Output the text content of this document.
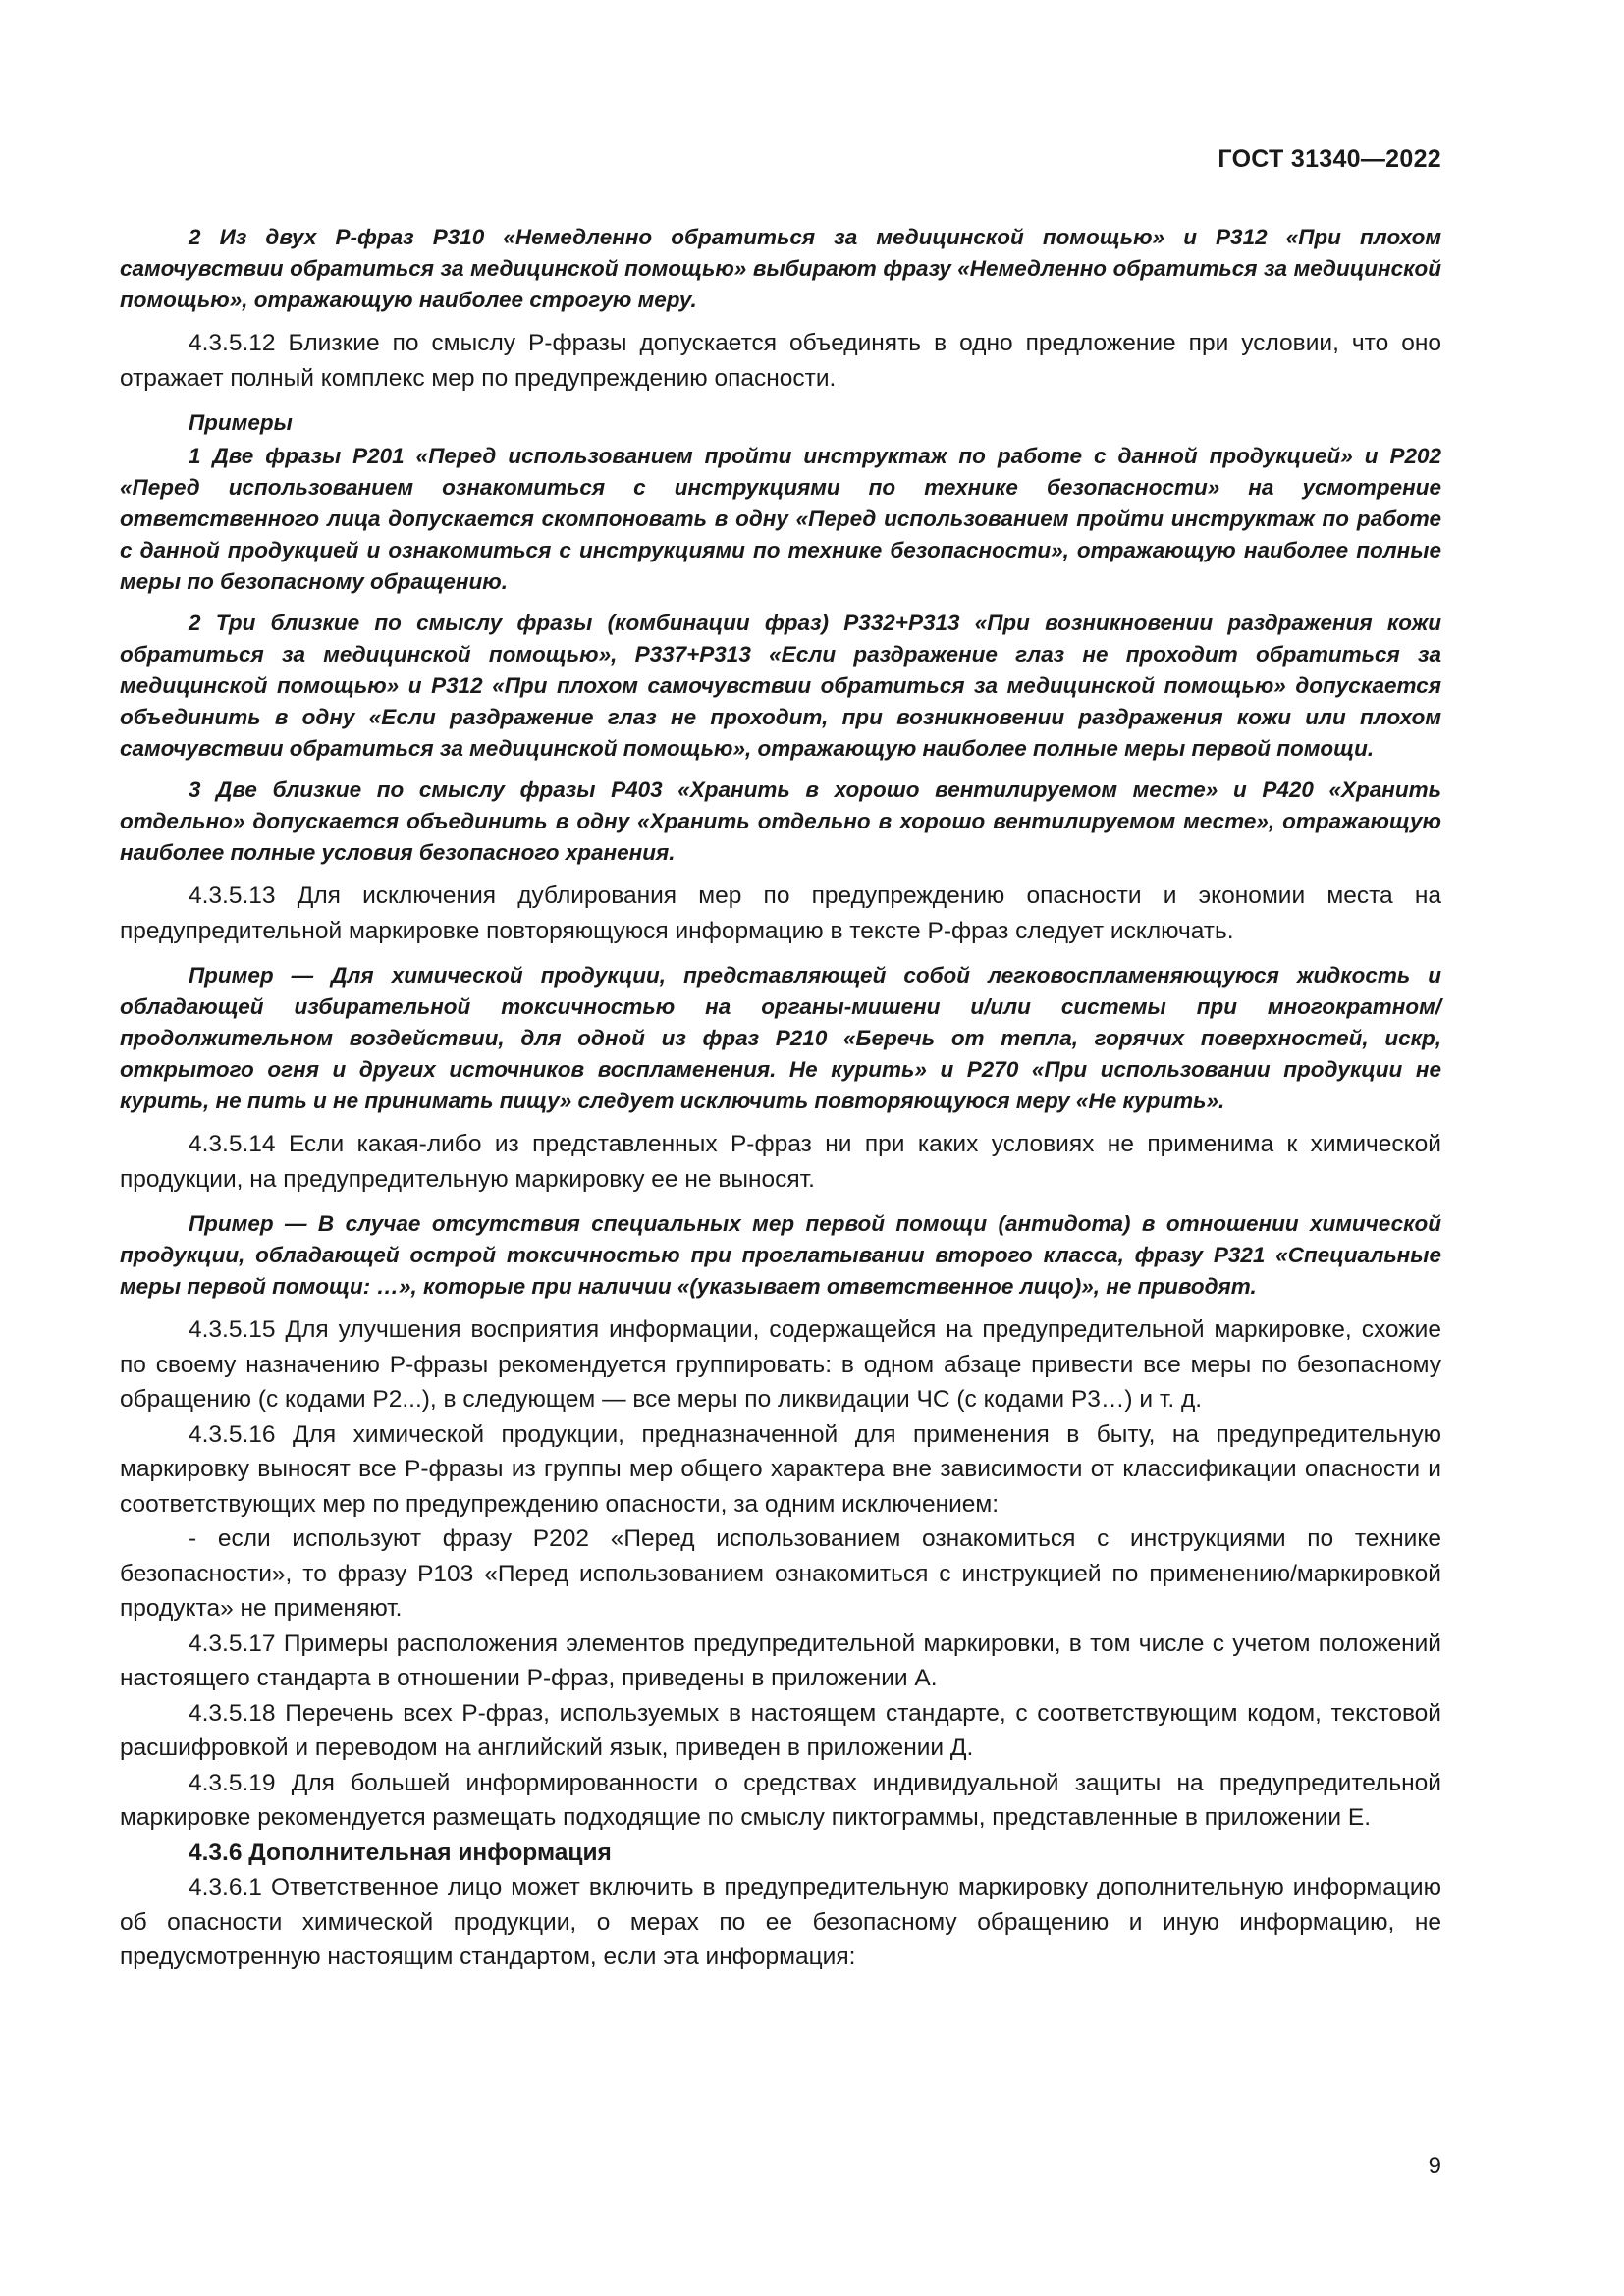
ГОСТ 31340—2022

2 Из двух Р-фраз Р310 «Немедленно обратиться за медицинской помощью» и Р312 «При плохом самочувствии обратиться за медицинской помощью» выбирают фразу «Немедленно обратиться за медицинской помощью», отражающую наиболее строгую меру.

4.3.5.12 Близкие по смыслу Р-фразы допускается объединять в одно предложение при условии, что оно отражает полный комплекс мер по предупреждению опасности.

Примеры

1 Две фразы Р201 «Перед использованием пройти инструктаж по работе с данной продукцией» и Р202 «Перед использованием ознакомиться с инструкциями по технике безопасности» на усмотрение ответственного лица допускается скомпоновать в одну «Перед использованием пройти инструктаж по работе с данной продукцией и ознакомиться с инструкциями по технике безопасности», отражающую наиболее полные меры по безопасному обращению.

2 Три близкие по смыслу фразы (комбинации фраз) Р332+Р313 «При возникновении раздражения кожи обратиться за медицинской помощью», Р337+Р313 «Если раздражение глаз не проходит обратиться за медицинской помощью» и Р312 «При плохом самочувствии обратиться за медицинской помощью» допускается объединить в одну «Если раздражение глаз не проходит, при возникновении раздражения кожи или плохом самочувствии обратиться за медицинской помощью», отражающую наиболее полные меры первой помощи.

3 Две близкие по смыслу фразы Р403 «Хранить в хорошо вентилируемом месте» и Р420 «Хранить отдельно» допускается объединить в одну «Хранить отдельно в хорошо вентилируемом месте», отражающую наиболее полные условия безопасного хранения.

4.3.5.13 Для исключения дублирования мер по предупреждению опасности и экономии места на предупредительной маркировке повторяющуюся информацию в тексте Р-фраз следует исключать.

Пример — Для химической продукции, представляющей собой легковоспламеняющуюся жидкость и обладающей избирательной токсичностью на органы-мишени и/или системы при многократном/продолжительном воздействии, для одной из фраз Р210 «Беречь от тепла, горячих поверхностей, искр, открытого огня и других источников воспламенения. Не курить» и Р270 «При использовании продукции не курить, не пить и не принимать пищу» следует исключить повторяющуюся меру «Не курить».

4.3.5.14 Если какая-либо из представленных Р-фраз ни при каких условиях не применима к химической продукции, на предупредительную маркировку ее не выносят.

Пример — В случае отсутствия специальных мер первой помощи (антидота) в отношении химической продукции, обладающей острой токсичностью при проглатывании второго класса, фразу Р321 «Специальные меры первой помощи: …», которые при наличии «(указывает ответственное лицо)», не приводят.

4.3.5.15 Для улучшения восприятия информации, содержащейся на предупредительной маркировке, схожие по своему назначению Р-фразы рекомендуется группировать: в одном абзаце привести все меры по безопасному обращению (с кодами Р2...), в следующем — все меры по ликвидации ЧС (с кодами Р3…) и т. д.

4.3.5.16 Для химической продукции, предназначенной для применения в быту, на предупредительную маркировку выносят все Р-фразы из группы мер общего характера вне зависимости от классификации опасности и соответствующих мер по предупреждению опасности, за одним исключением:

- если используют фразу Р202 «Перед использованием ознакомиться с инструкциями по технике безопасности», то фразу Р103 «Перед использованием ознакомиться с инструкцией по применению/маркировкой продукта» не применяют.

4.3.5.17 Примеры расположения элементов предупредительной маркировки, в том числе с учетом положений настоящего стандарта в отношении Р-фраз, приведены в приложении А.

4.3.5.18 Перечень всех Р-фраз, используемых в настоящем стандарте, с соответствующим кодом, текстовой расшифровкой и переводом на английский язык, приведен в приложении Д.

4.3.5.19 Для большей информированности о средствах индивидуальной защиты на предупредительной маркировке рекомендуется размещать подходящие по смыслу пиктограммы, представленные в приложении Е.

4.3.6 Дополнительная информация

4.3.6.1 Ответственное лицо может включить в предупредительную маркировку дополнительную информацию об опасности химической продукции, о мерах по ее безопасному обращению и иную информацию, не предусмотренную настоящим стандартом, если эта информация:

9
